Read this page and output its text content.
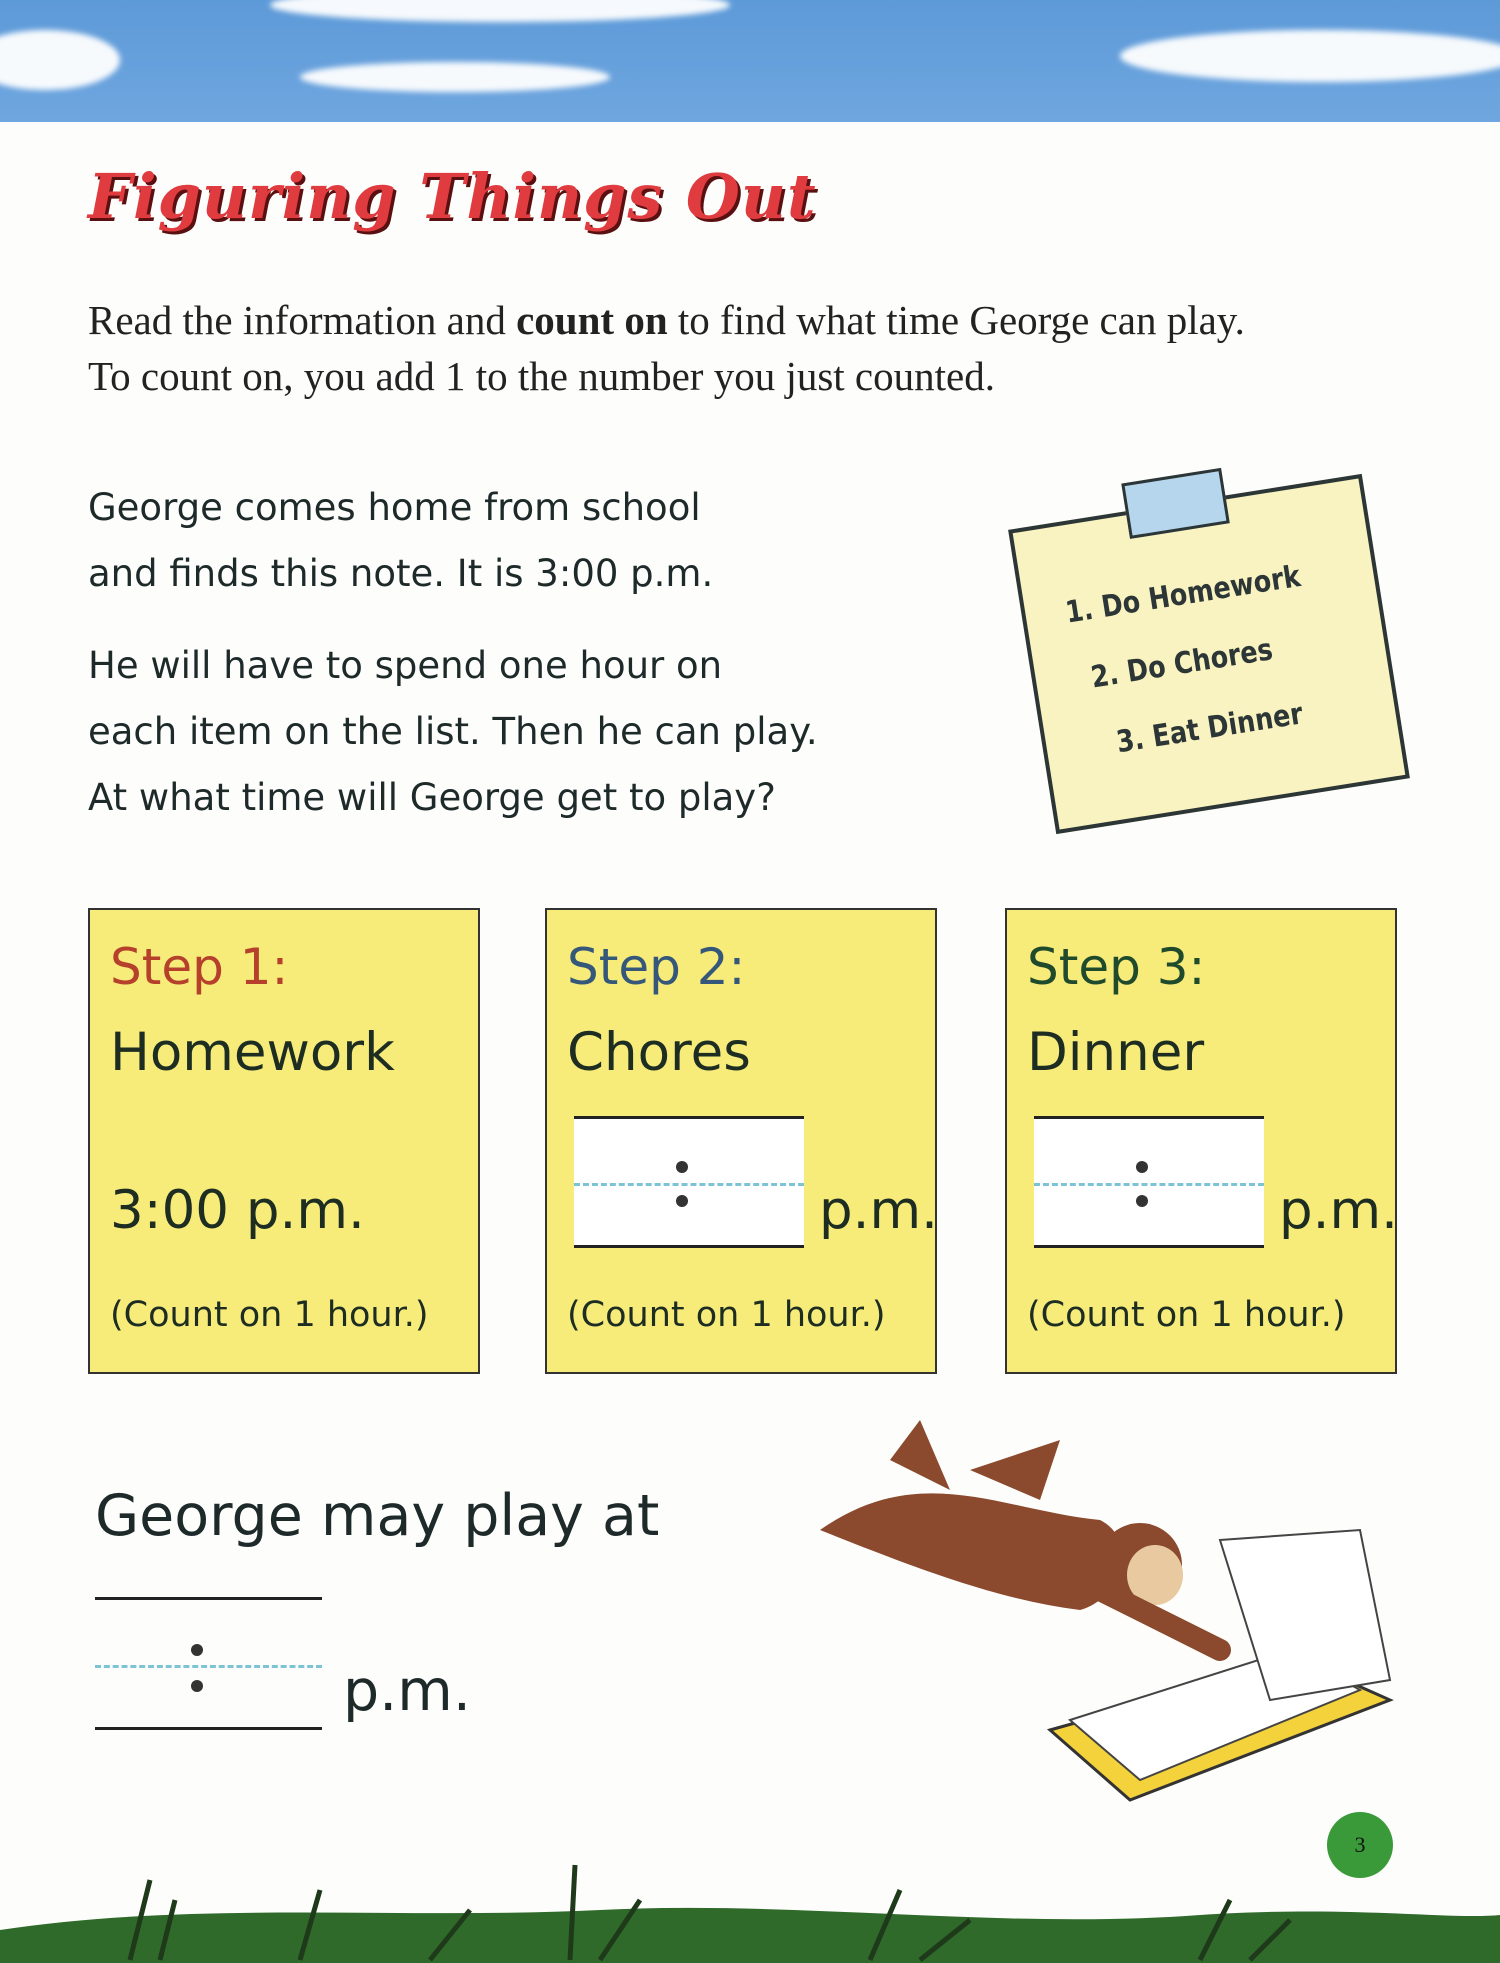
Figuring Things Out
Read the information and count on to find what time George can play.
To count on, you add 1 to the number you just counted.
George comes home from school
and finds this note. It is 3:00 p.m.
He will have to spend one hour on
each item on the list. Then he can play.
At what time will George get to play?
1. Do Homework
2. Do Chores
3. Eat Dinner
Step 1:
Homework
3:00 p.m.
(Count on 1 hour.)
Step 2:
Chores
p.m.
(Count on 1 hour.)
Step 3:
Dinner
p.m.
(Count on 1 hour.)
George may play at
p.m.
3
